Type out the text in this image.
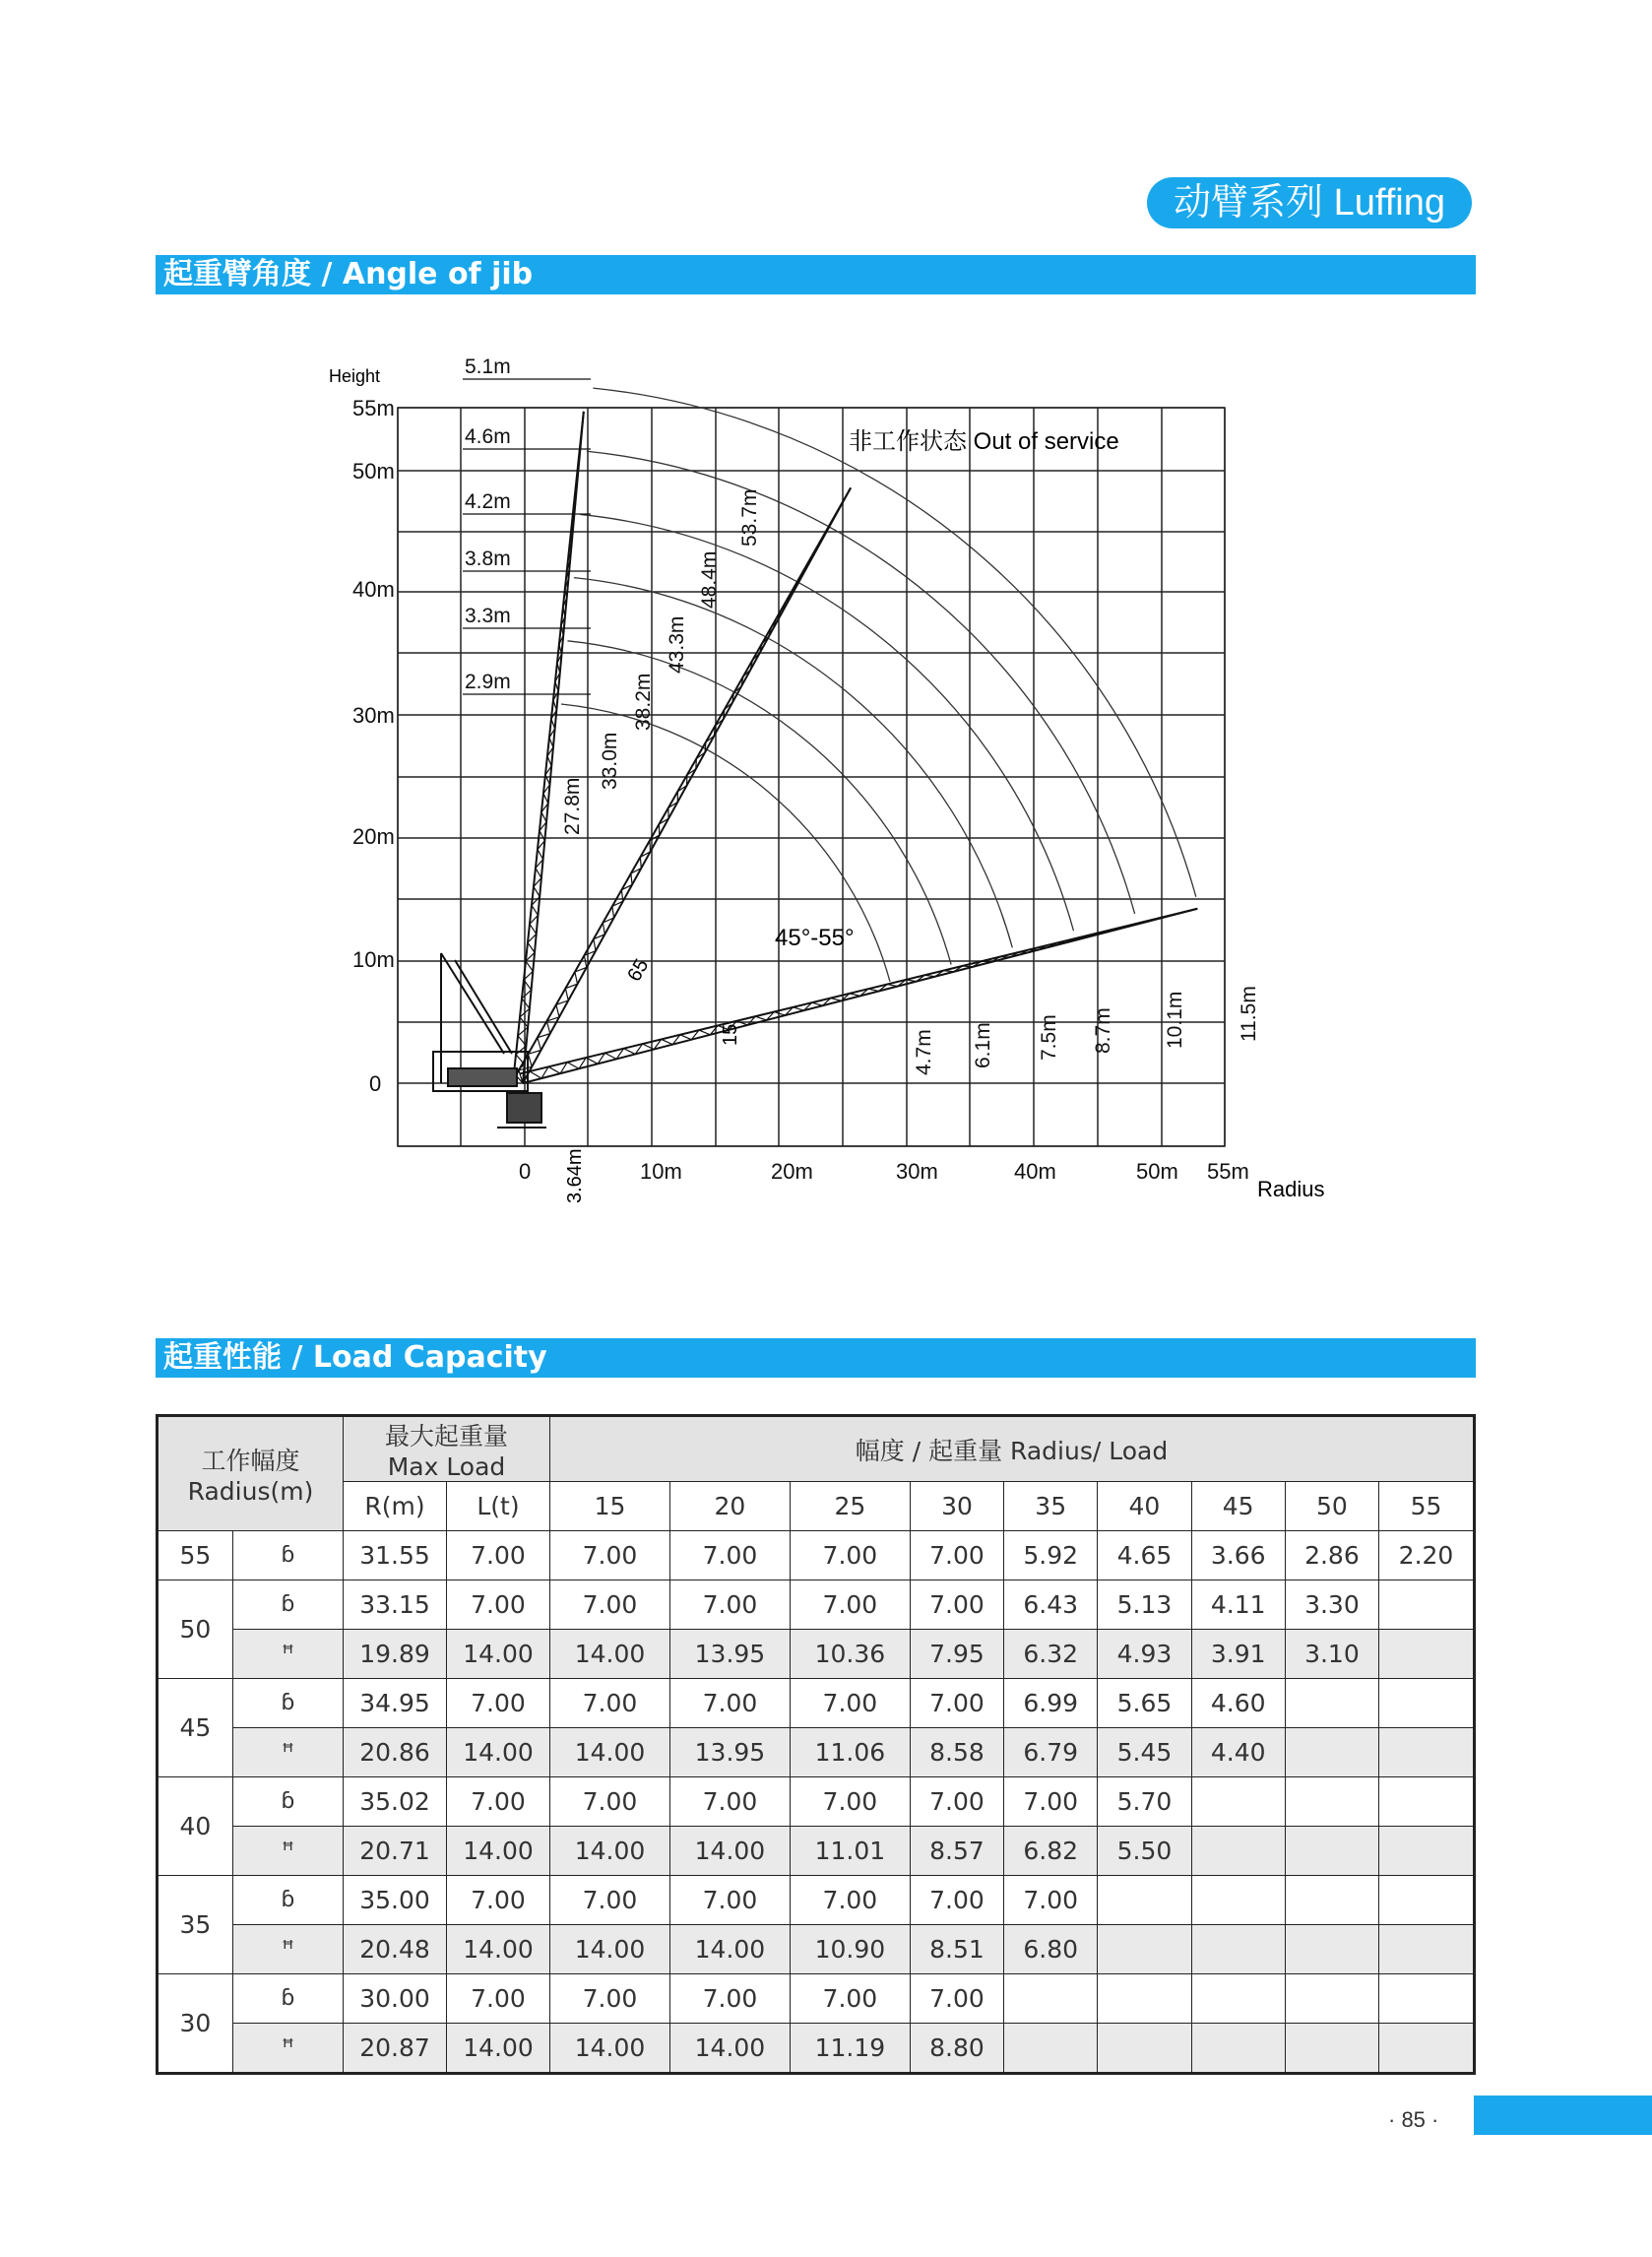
动臂系列 Luffing
起重臂角度 / Angle of jib
55m
50m
40m
30m
20m
10m
0
0	10m	20m	30m	40m	50m 55m
5.1m
4.6m
4.2m
3.8m
3.3m
2.9m
27.8m
33.0m
38.2m
43.3m
48.4m
53.7m
4.7m 6.1m 7.5m 8.7m 10.1m 11.5m
Height
Radius
非工作状态 Out of service
45°-55°
15
65
3.64m
起重性能 / Load Capacity
工作幅度
Radius(m)		最大起重量
Max Load		幅度 / 起重量 Radius/ Load								
		R(m)	L(t)	15	20	25	30	35	40	45	50	55
55	ɓ	31.55	7.00	7.00	7.00	7.00	7.00	5.92	4.65	3.66	2.86	2.20
50	ɓ	33.15	7.00	7.00	7.00	7.00	7.00	6.43	5.13	4.11	3.30	
	ꟸ	19.89	14.00	14.00	13.95	10.36	7.95	6.32	4.93	3.91	3.10	
45	ɓ	34.95	7.00	7.00	7.00	7.00	7.00	6.99	5.65	4.60		
	ꟸ	20.86	14.00	14.00	13.95	11.06	8.58	6.79	5.45	4.40		
40	ɓ	35.02	7.00	7.00	7.00	7.00	7.00	7.00	5.70			
	ꟸ	20.71	14.00	14.00	14.00	11.01	8.57	6.82	5.50			
35	ɓ	35.00	7.00	7.00	7.00	7.00	7.00	7.00				
	ꟸ	20.48	14.00	14.00	14.00	10.90	8.51	6.80				
30	ɓ	30.00	7.00	7.00	7.00	7.00	7.00					
	ꟸ	20.87	14.00	14.00	14.00	11.19	8.80					
· 85 ·
